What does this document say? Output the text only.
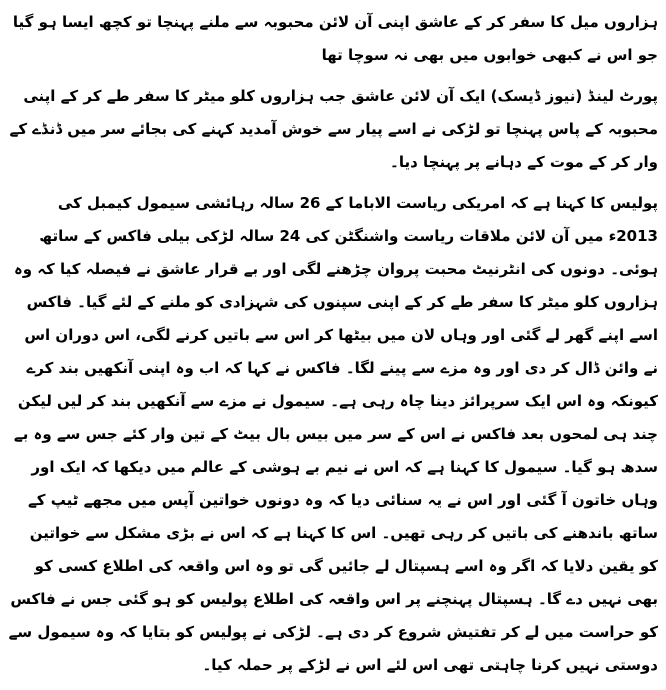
ہزاروں میل کا سفر کر کے عاشق اپنی آن لائن محبوبہ سے ملنے پہنچا تو کچھ ایسا ہو گیا جو اس نے کبھی خوابوں میں بھی نہ سوچا تھا

پورٹ لینڈ (نیوز ڈیسک) ایک آن لائن عاشق جب ہزاروں کلو میٹر کا سفر طے کر کے اپنی محبوبہ کے پاس پہنچا تو لڑکی نے اسے پیار سے خوش آمدید کہنے کی بجائے سر میں ڈنڈے کے وار کر کے موت کے دہانے پر پہنچا دیا۔

پولیس کا کہنا ہے کہ امریکی ریاست الاباما کے 26 سالہ رہائشی سیمول کیمبل کی 2013ء میں آن لائن ملاقات ریاست واشنگٹن کی 24 سالہ لڑکی بیلی فاکس کے ساتھ ہوئی۔ دونوں کی انٹرنیٹ محبت پروان چڑھنے لگی اور بے قرار عاشق نے فیصلہ کیا کہ وہ ہزاروں کلو میٹر کا سفر طے کر کے اپنی سپنوں کی شہزادی کو ملنے کے لئے گیا۔ فاکس اسے اپنے گھر لے گئی اور وہاں لان میں بیٹھا کر اس سے باتیں کرنے لگی، اس دوران اس نے وائن ڈال کر دی اور وہ مزے سے پینے لگا۔ فاکس نے کہا کہ اب وہ اپنی آنکھیں بند کرے کیونکہ وہ اس ایک سرپرائز دینا چاہ رہی ہے۔ سیمول نے مزے سے آنکھیں بند کر لیں لیکن چند ہی لمحوں بعد فاکس نے اس کے سر میں بیس بال بیٹ کے تین وار کئے جس سے وہ بے سدھ ہو گیا۔ سیمول کا کہنا ہے کہ اس نے نیم بے ہوشی کے عالم میں دیکھا کہ ایک اور وہاں خاتون آ گئی اور اس نے یہ سنائی دیا کہ وہ دونوں خواتین آپس میں مجھے ٹیپ کے ساتھ باندھنے کی باتیں کر رہی تھیں۔ اس کا کہنا ہے کہ اس نے بڑی مشکل سے خواتین کو یقین دلایا کہ اگر وہ اسے ہسپتال لے جائیں گی تو وہ اس واقعہ کی اطلاع کسی کو بھی نہیں دے گا۔ ہسپتال پہنچنے پر اس واقعہ کی اطلاع پولیس کو ہو گئی جس نے فاکس کو حراست میں لے کر تفتیش شروع کر دی ہے۔ لڑکی نے پولیس کو بتایا کہ وہ سیمول سے دوستی نہیں کرنا چاہتی تھی اس لئے اس نے لڑکے پر حملہ کیا۔
